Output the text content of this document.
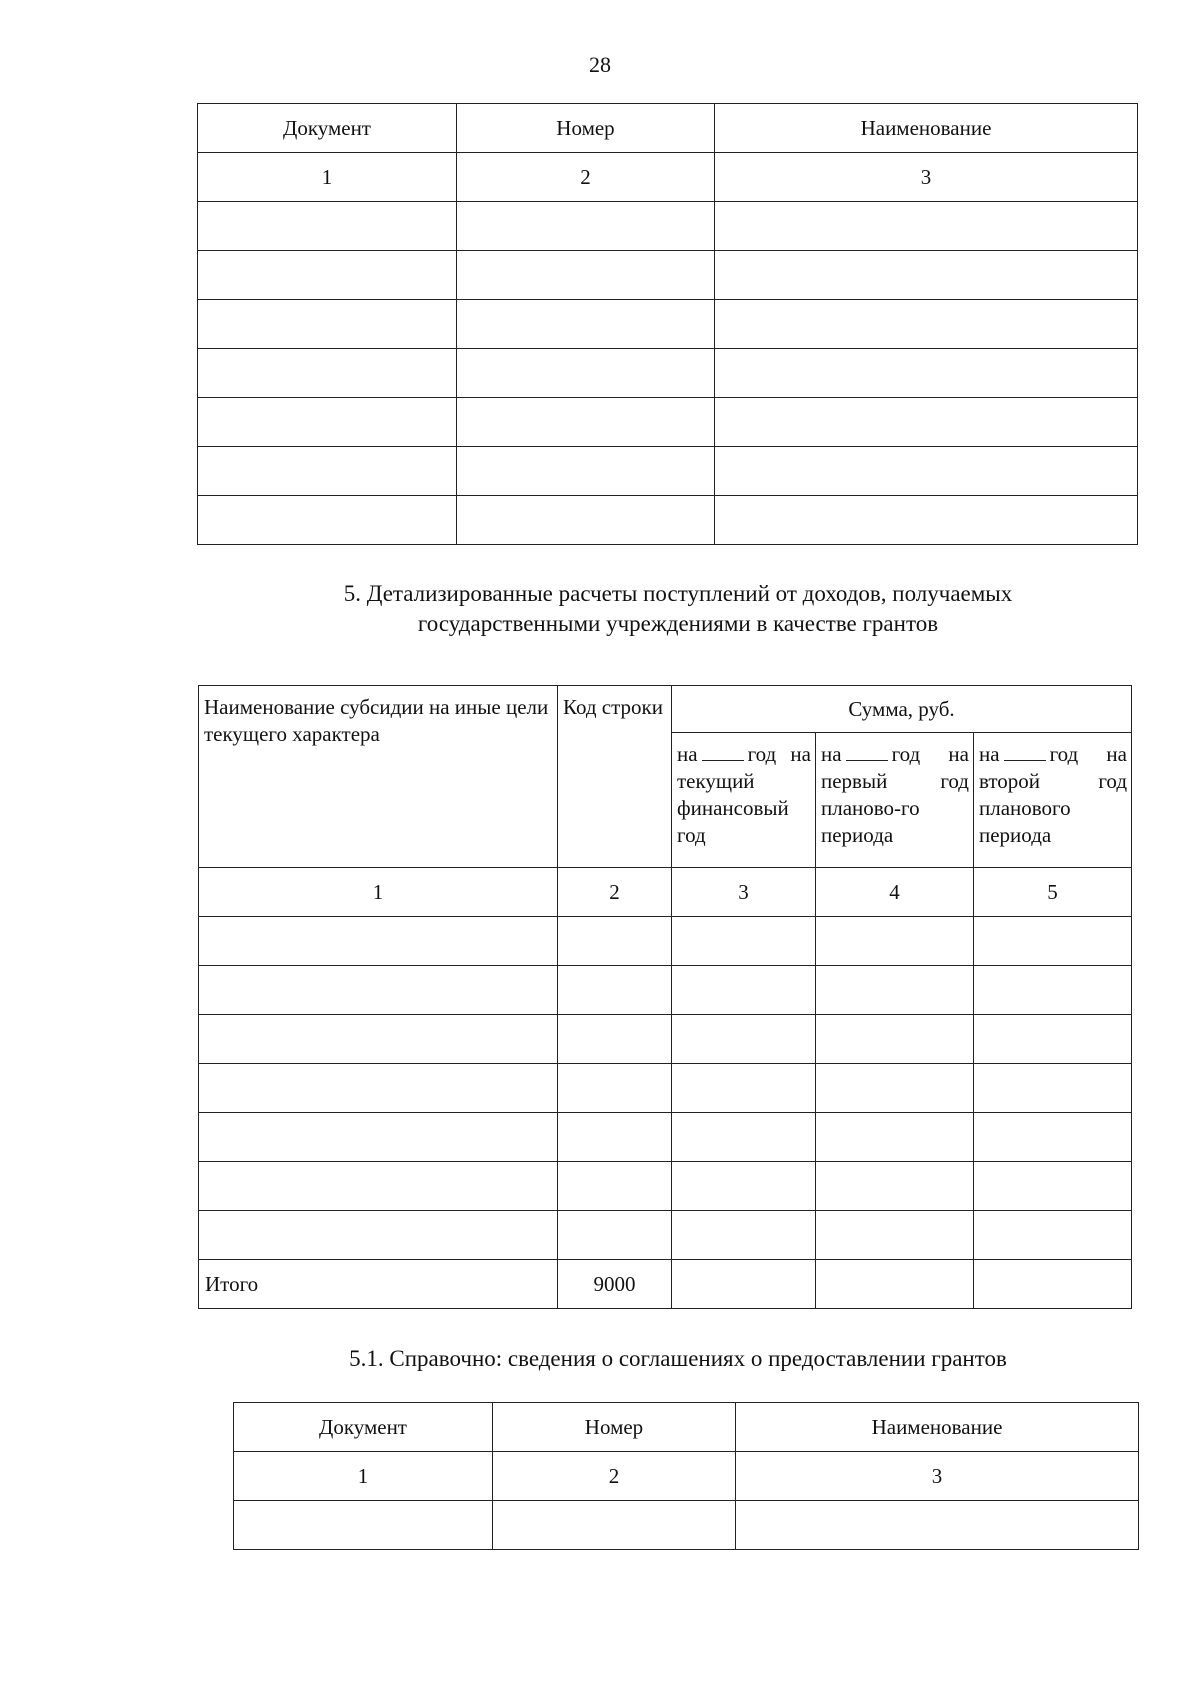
28
Документ	Номер	Наименование
1	2	3

5. Детализированные расчеты поступлений от доходов, получаемых
государственными учреждениями в качестве грантов
Наименование субсидии на иные цели текущего характера	Код строки	Сумма, руб.		
		на год на текущий финансовый год	на год на первый год планово-го периода	на год на второй год планового периода
1	2	3	4	5

Итого	9000			
5.1. Справочно: сведения о соглашениях о предоставлении грантов
Документ	Номер	Наименование
1	2	3
